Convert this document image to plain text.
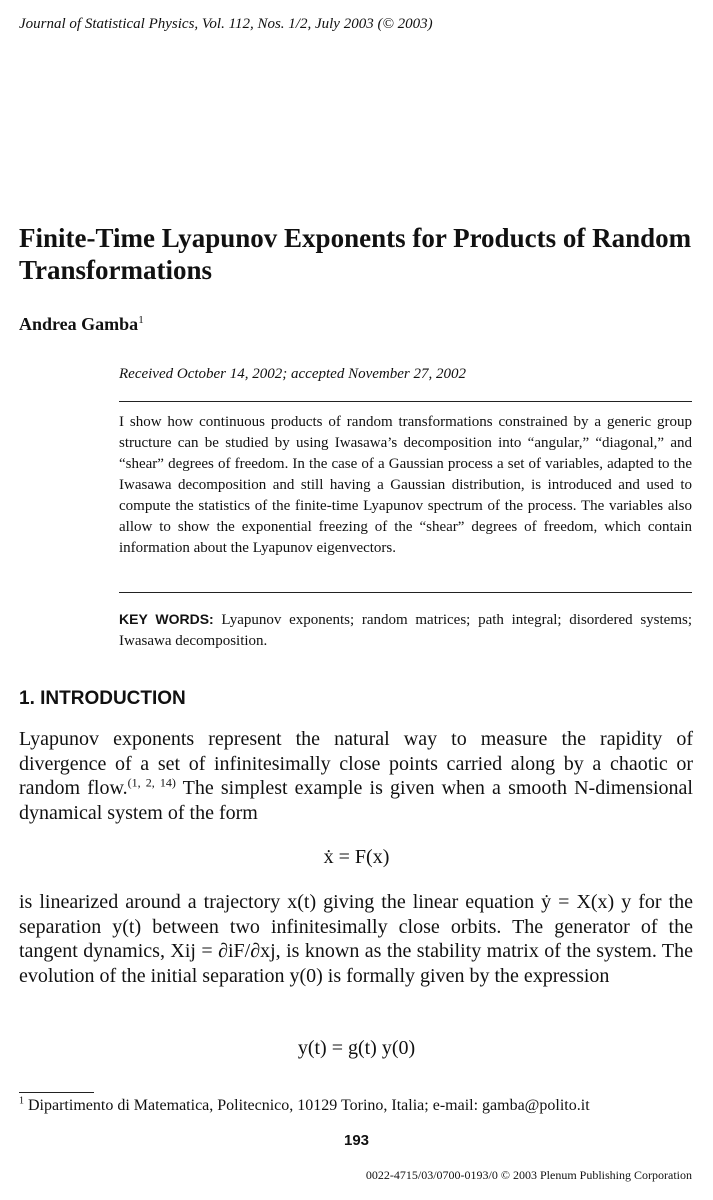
Journal of Statistical Physics, Vol. 112, Nos. 1/2, July 2003 (© 2003)
Finite-Time Lyapunov Exponents for Products of Random Transformations
Andrea Gamba$^1$
Received October 14, 2002; accepted November 27, 2002

I show how continuous products of random transformations constrained by a generic group structure can be studied by using Iwasawa’s decomposition into “angular,” “diagonal,” and “shear” degrees of freedom. In the case of a Gaussian process a set of variables, adapted to the Iwasawa decomposition and still having a Gaussian distribution, is introduced and used to compute the statistics of the finite-time Lyapunov spectrum of the process. The variables also allow to show the exponential freezing of the “shear” degrees of freedom, which contain information about the Lyapunov eigenvectors.

KEY WORDS: Lyapunov exponents; random matrices; path integral; disordered systems; Iwasawa decomposition.

1. INTRODUCTION

Lyapunov exponents represent the natural way to measure the rapidity of divergence of a set of infinitesimally close points carried along by a chaotic or random flow.$^{(1, 2, 14)}$ The simplest example is given when a smooth N-dimensional dynamical system of the form

ẋ = F(x)

is linearized around a trajectory x(t) giving the linear equation ẏ = X(x) y for the separation y(t) between two infinitesimally close orbits. The generator of the tangent dynamics, Xij = ∂iF/∂xj, is known as the stability matrix of the system. The evolution of the initial separation y(0) is formally given by the expression

y(t) = g(t) y(0)
$^1$ Dipartimento di Matematica, Politecnico, 10129 Torino, Italia; e-mail: gamba@polito.it
193
0022-4715/03/0700-0193/0 © 2003 Plenum Publishing Corporation
